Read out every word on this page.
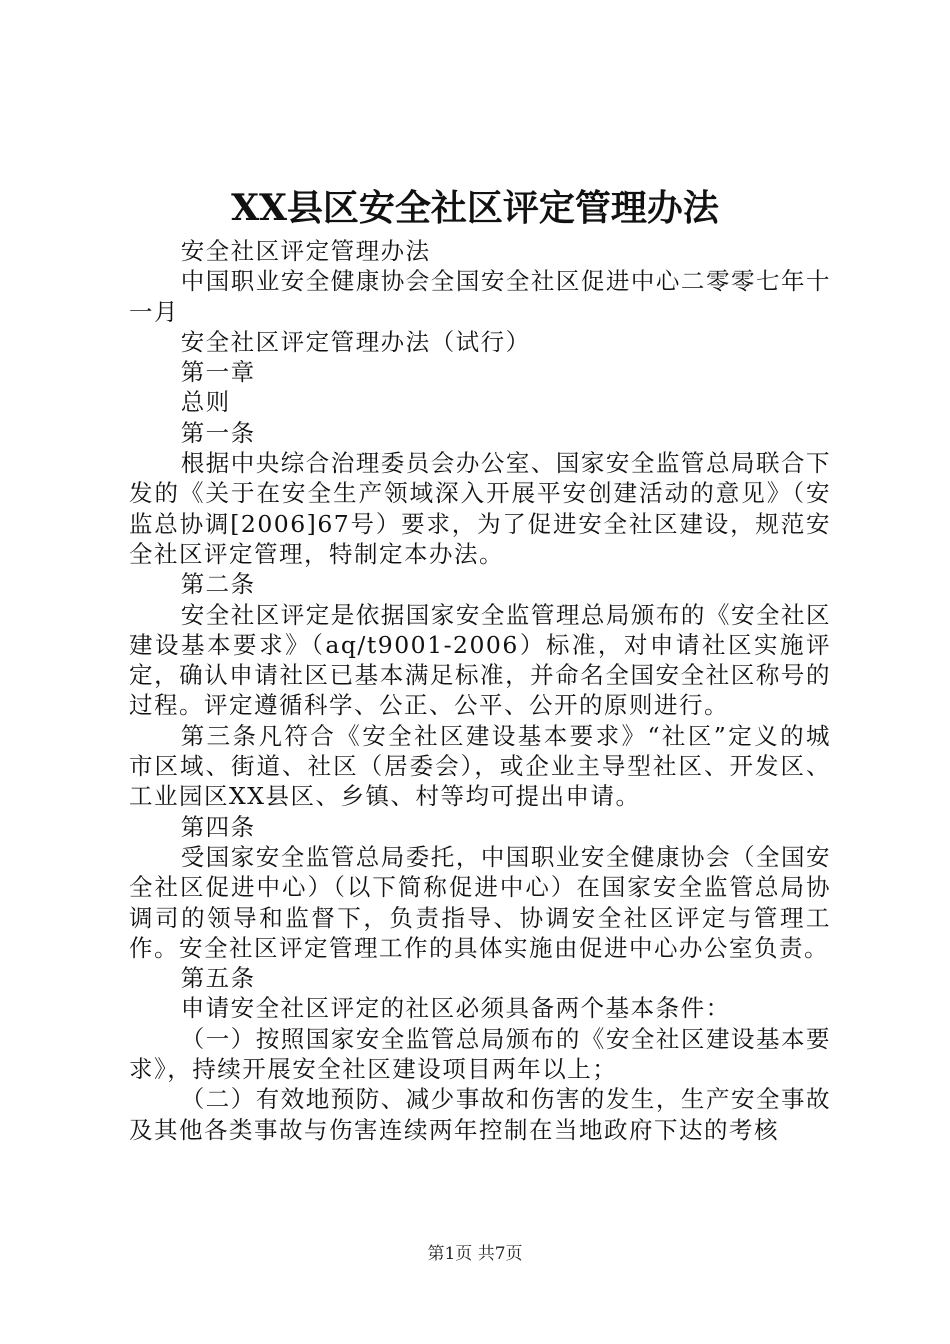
XX县区安全社区评定管理办法

安全社区评定管理办法

中国职业安全健康协会全国安全社区促进中心二零零七年十一月

安全社区评定管理办法（试行）

第一章

总则

第一条

根据中央综合治理委员会办公室、国家安全监管总局联合下发的《关于在安全生产领域深入开展平安创建活动的意见》（安监总协调[2006]67号）要求，为了促进安全社区建设，规范安全社区评定管理，特制定本办法。

第二条

安全社区评定是依据国家安全监管理总局颁布的《安全社区建设基本要求》（aq/t9001-2006）标准，对申请社区实施评定，确认申请社区已基本满足标准，并命名全国安全社区称号的过程。评定遵循科学、公正、公平、公开的原则进行。

第三条凡符合《安全社区建设基本要求》“社区”定义的城市区域、街道、社区（居委会），或企业主导型社区、开发区、工业园区XX县区、乡镇、村等均可提出申请。

第四条

受国家安全监管总局委托，中国职业安全健康协会（全国安全社区促进中心）（以下简称促进中心）在国家安全监管总局协调司的领导和监督下，负责指导、协调安全社区评定与管理工作。安全社区评定管理工作的具体实施由促进中心办公室负责。

第五条

申请安全社区评定的社区必须具备两个基本条件：

（一）按照国家安全监管总局颁布的《安全社区建设基本要求》，持续开展安全社区建设项目两年以上；

（二）有效地预防、减少事故和伤害的发生，生产安全事故及其他各类事故与伤害连续两年控制在当地政府下达的考核

第1页 共7页
